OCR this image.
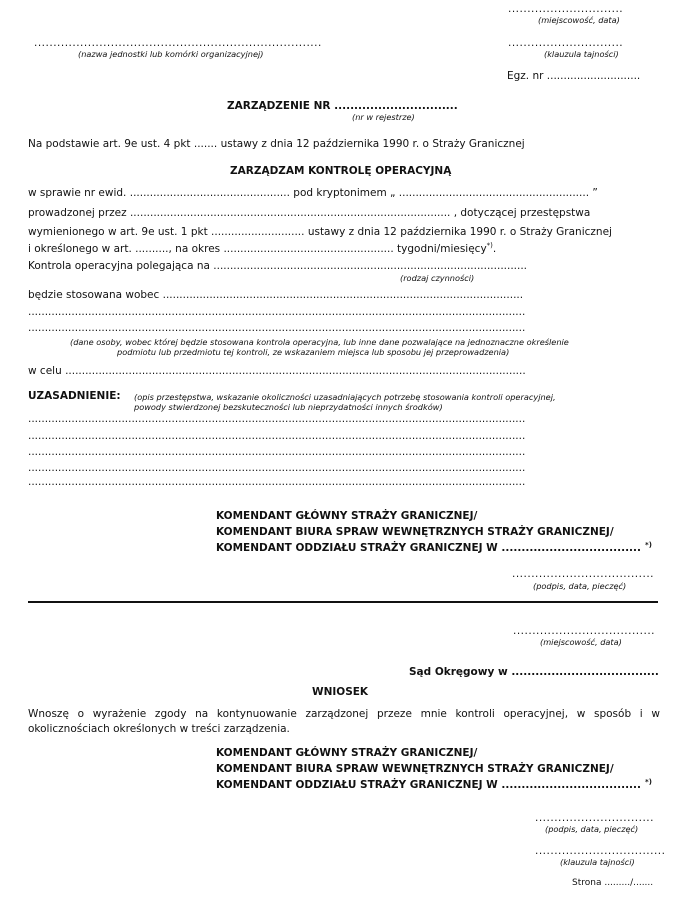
..............................
(miejscowość, data)
...........................................................................
(nazwa jednostki lub komórki organizacyjnej)
..............................
(klauzula tajności)
Egz. nr ............................
ZARZĄDZENIE NR ...............................
(nr w rejestrze)
Na podstawie art. 9e ust. 4 pkt ....... ustawy z dnia 12 października 1990 r. o Straży Granicznej
ZARZĄDZAM KONTROLĘ OPERACYJNĄ
w sprawie nr ewid. ................................................ pod kryptonimem „ ......................................................... ”
prowadzonej przez ................................................................................................ , dotyczącej przestępstwa
wymienionego w art. 9e ust. 1 pkt ............................ ustawy z dnia 12 października 1990 r. o Straży Granicznej
i określonego w art. .........., na okres ................................................... tygodni/miesięcy*).
Kontrola operacyjna polegająca na ..............................................................................................
(rodzaj czynności)
będzie stosowana wobec ............................................................................................................
.....................................................................................................................................................
.....................................................................................................................................................
(dane osoby, wobec której będzie stosowana kontrola operacyjna, lub inne dane pozwalające na jednoznaczne określenie
podmiotu lub przedmiotu tej kontroli, ze wskazaniem miejsca lub sposobu jej przeprowadzenia)
w celu ..........................................................................................................................................
UZASADNIENIE: (opis przestępstwa, wskazanie okoliczności uzasadniających potrzebę stosowania kontroli operacyjnej,
powody stwierdzonej bezskuteczności lub nieprzydatności innych środków)
.....................................................................................................................................................
.....................................................................................................................................................
.....................................................................................................................................................
.....................................................................................................................................................
.....................................................................................................................................................
KOMENDANT GŁÓWNY STRAŻY GRANICZNEJ/
KOMENDANT BIURA SPRAW WEWNĘTRZNYCH STRAŻY GRANICZNEJ/
KOMENDANT ODDZIAŁU STRAŻY GRANICZNEJ W ................................... *)
.....................................
(podpis, data, pieczęć)
.....................................
(miejscowość, data)
Sąd Okręgowy w .....................................
WNIOSEK
Wnoszę o wyrażenie zgody na kontynuowanie zarządzonej przeze mnie kontroli operacyjnej, w sposób i w okolicznościach określonych w treści zarządzenia.
KOMENDANT GŁÓWNY STRAŻY GRANICZNEJ/
KOMENDANT BIURA SPRAW WEWNĘTRZNYCH STRAŻY GRANICZNEJ/
KOMENDANT ODDZIAŁU STRAŻY GRANICZNEJ W ................................... *)
...............................
(podpis, data, pieczęć)
..................................
(klauzula tajności)
Strona ........./.......
